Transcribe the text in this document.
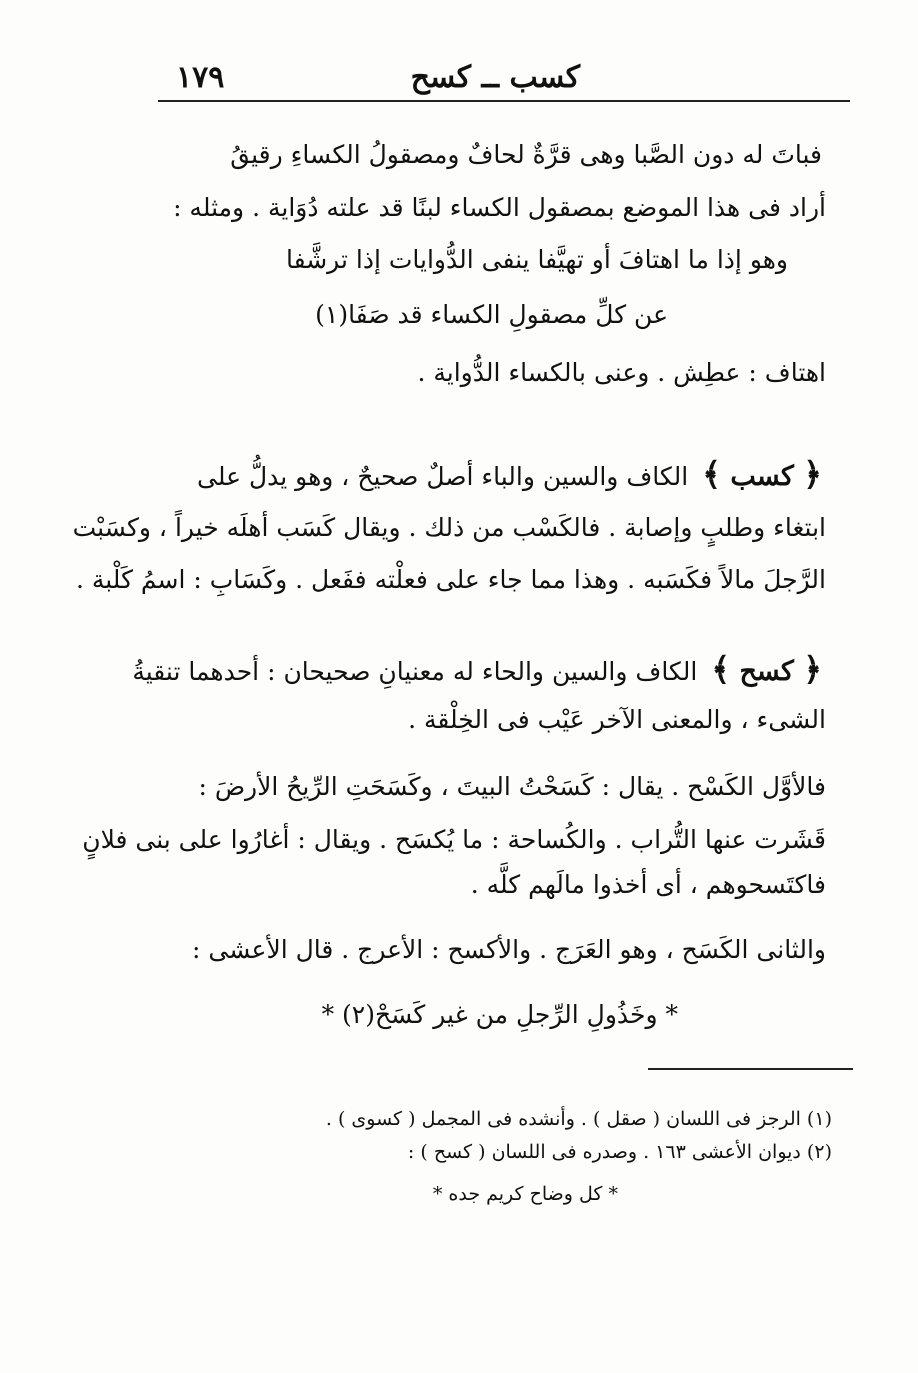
كسب ــ كسح
١٧٩
فباتَ له دون الصَّبا وهى قرَّةٌ لحافٌ ومصقولُ الكساءِ رقيقُ
أراد فى هذا الموضع بمصقول الكساء لبنًا قد علته دُوَاية . ومثله :
وهو إذا ما اهتافَ أو تهيَّفا ينفى الدُّوايات إذا ترشَّفا
عن كلِّ مصقولِ الكساء قد صَفَا(١)
اهتاف : عطِش . وعنى بالكساء الدُّواية .
﴿ كسب ﴾الكاف والسين والباء أصلٌ صحيحٌ ، وهو يدلُّ على
ابتغاء وطلبٍ وإصابة . فالكَسْب من ذلك . ويقال كَسَب أهلَه خيراً ، وكسَبْت
الرَّجلَ مالاً فكَسَبه . وهذا مما جاء على فعلْته ففَعل . وكَسَابِ : اسمُ كَلْبة .
﴿ كسح ﴾الكاف والسين والحاء له معنيانِ صحيحان : أحدهما تنقيةُ
الشىء ، والمعنى الآخر عَيْب فى الخِلْقة .
فالأوَّل الكَسْح . يقال : كَسَحْتُ البيتَ ، وكَسَحَتِ الرِّيحُ الأرضَ :
قَشَرت عنها التُّراب . والكُساحة : ما يُكسَح . ويقال : أغارُوا على بنى فلانٍ
فاكتَسحوهم ، أى أخذوا مالَهم كلَّه .
والثانى الكَسَح ، وهو العَرَج . والأكسح : الأعرج . قال الأعشى :
* وخَذُولِ الرِّجلِ من غير كَسَحْ(٢) *
(١) الرجز فى اللسان ( صقل ) . وأنشده فى المجمل ( كسوى ) .
(٢) ديوان الأعشى ١٦٣ . وصدره فى اللسان ( كسح ) :
* كل وضاح كريم جده *
